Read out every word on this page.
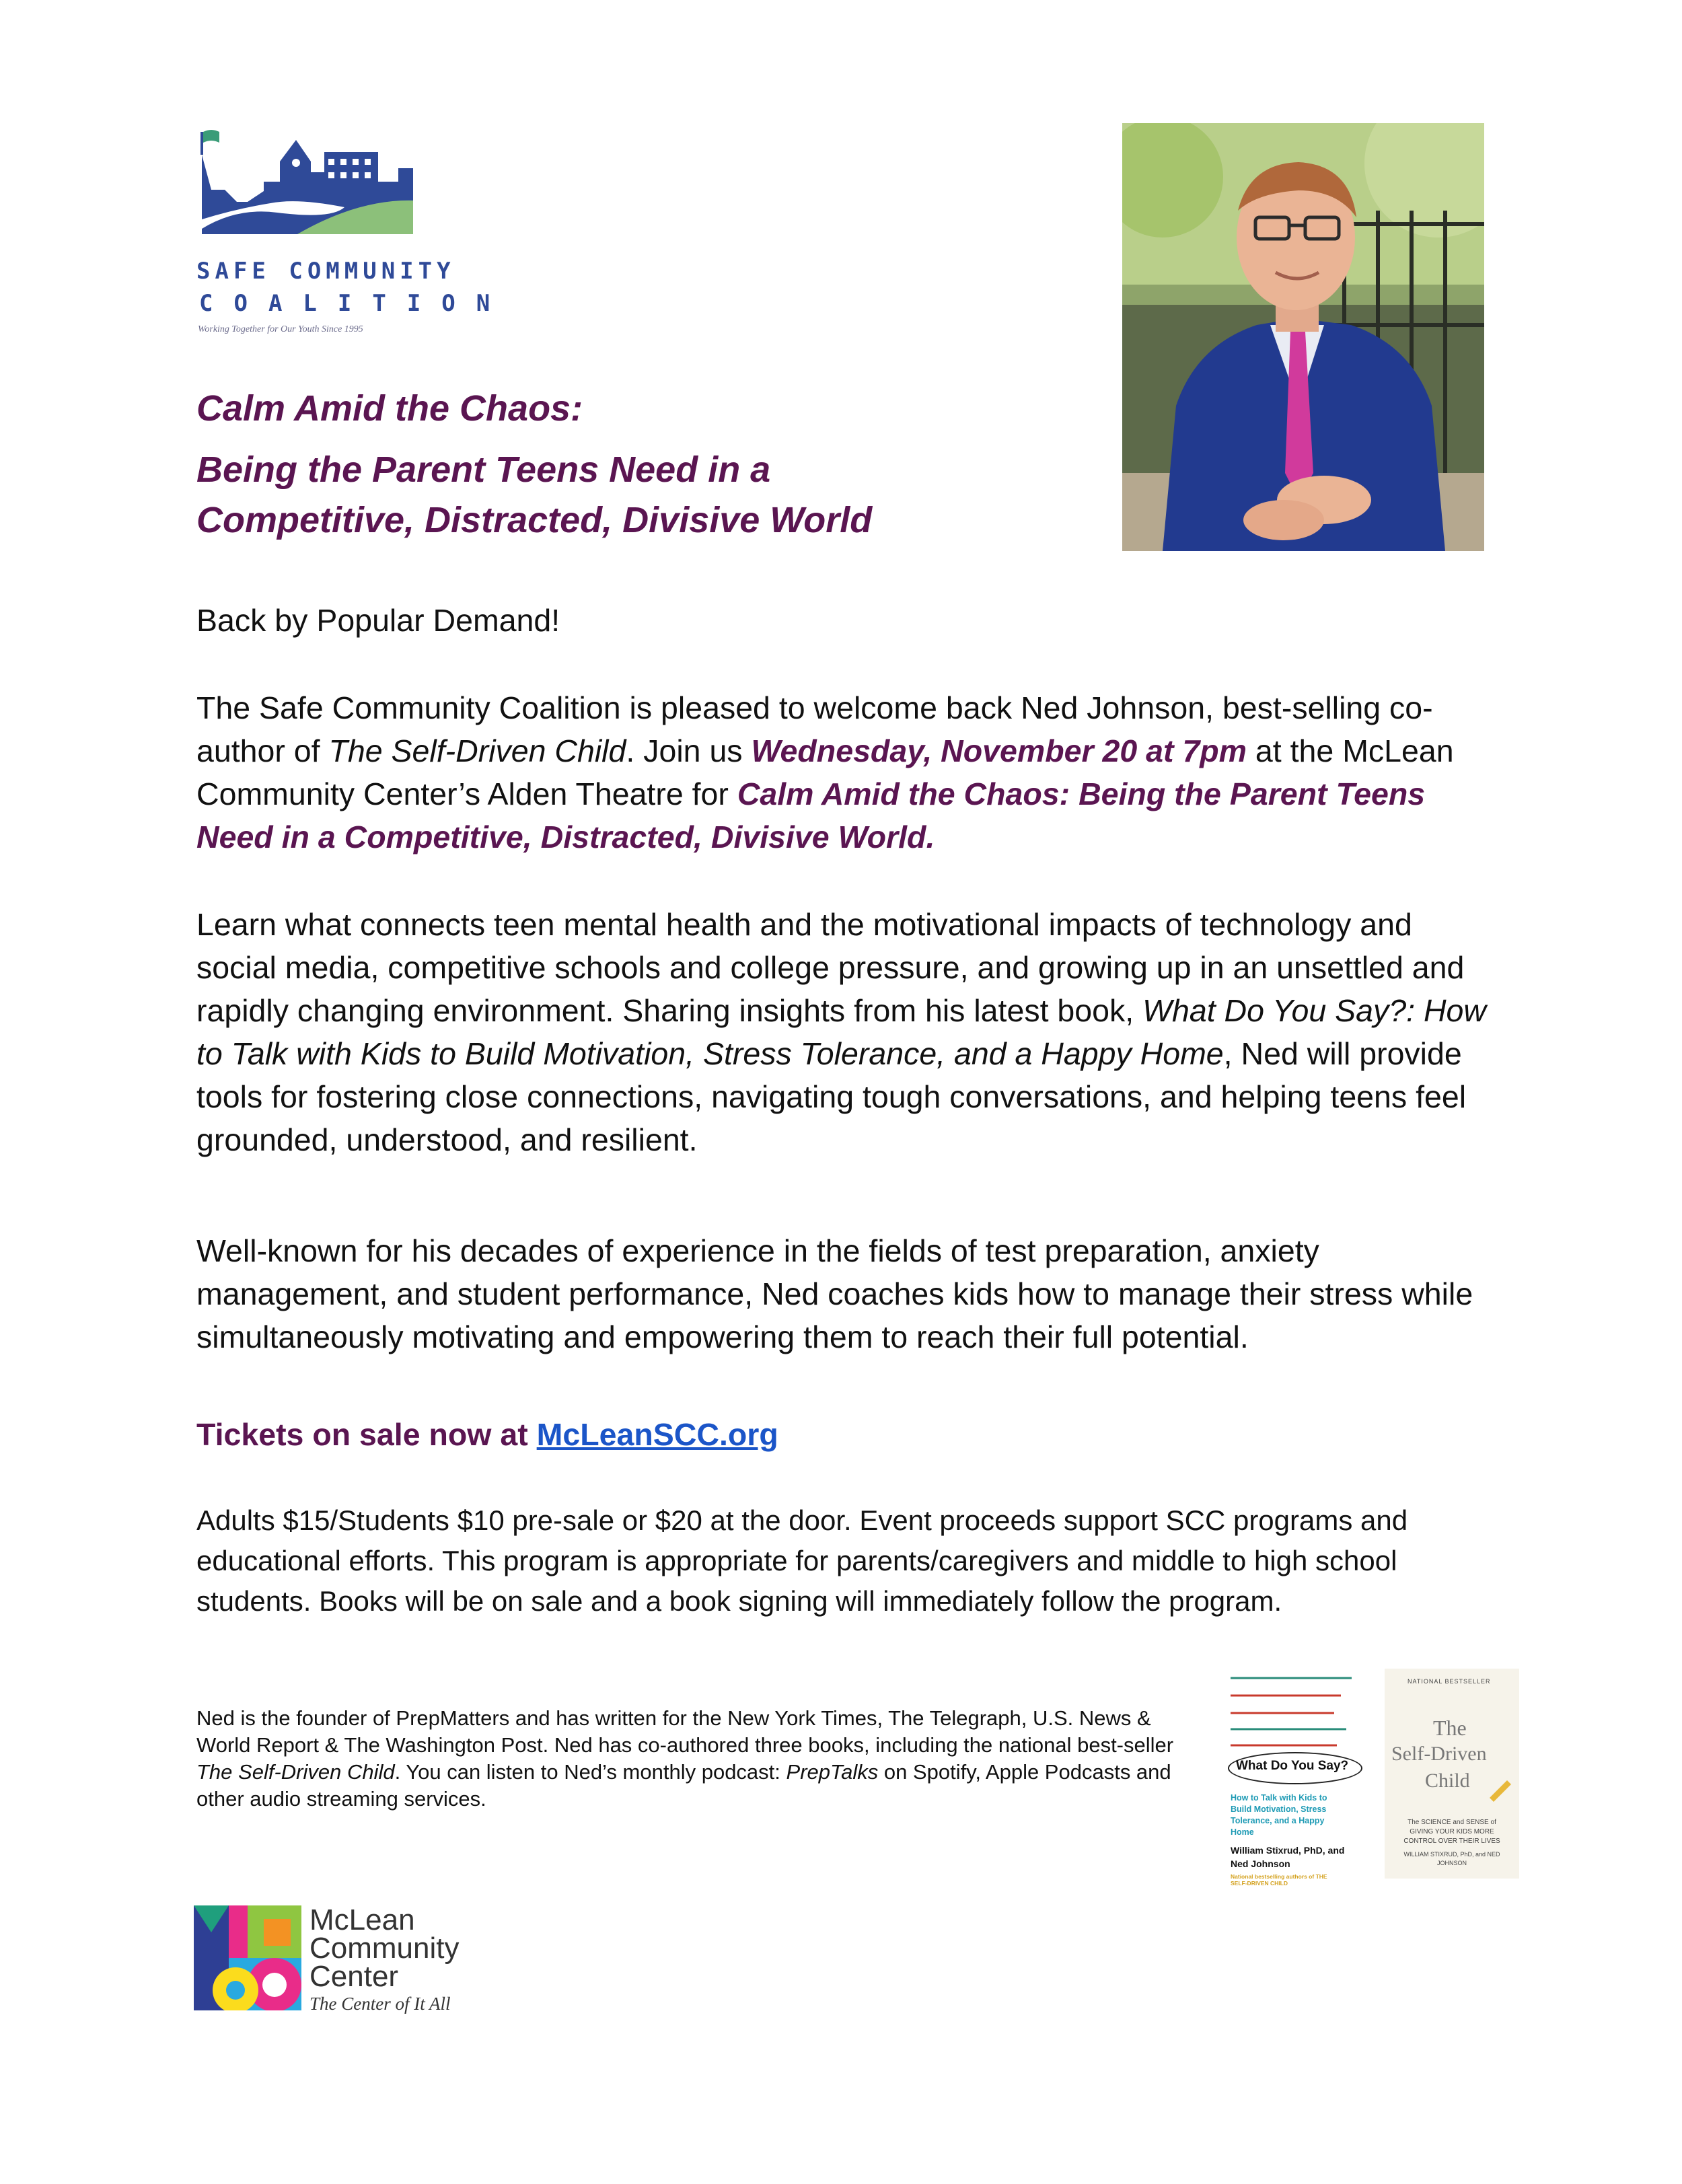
SAFE COMMUNITY
COALITION
Working Together for Our Youth Since 1995
Calm Amid the Chaos:
Being the Parent Teens Need in a
Competitive, Distracted, Divisive World

Back by Popular Demand!

The Safe Community Coalition is pleased to welcome back Ned Johnson, best-selling co-author of The Self-Driven Child. Join us Wednesday, November 20 at 7pm at the McLean Community Center’s Alden Theatre for Calm Amid the Chaos: Being the Parent Teens Need in a Competitive, Distracted, Divisive World.

Learn what connects teen mental health and the motivational impacts of technology and social media, competitive schools and college pressure, and growing up in an unsettled and rapidly changing environment. Sharing insights from his latest book, What Do You Say?: How to Talk with Kids to Build Motivation, Stress Tolerance, and a Happy Home, Ned will provide tools for fostering close connections, navigating tough conversations, and helping teens feel grounded, understood, and resilient.

Well-known for his decades of experience in the fields of test preparation, anxiety management, and student performance, Ned coaches kids how to manage their stress while simultaneously motivating and empowering them to reach their full potential.

Tickets on sale now at McLeanSCC.org

Adults $15/Students $10 pre-sale or $20 at the door. Event proceeds support SCC programs and educational efforts. This program is appropriate for parents/caregivers and middle to high school students. Books will be on sale and a book signing will immediately follow the program.

Ned is the founder of PrepMatters and has written for the New York Times, The Telegraph, U.S. News & World Report & The Washington Post. Ned has co-authored three books, including the national best-seller The Self-Driven Child. You can listen to Ned’s monthly podcast: PrepTalks on Spotify, Apple Podcasts and other audio streaming services.

What Do You Say?
How to Talk with Kids to Build Motivation, Stress Tolerance, and a Happy Home
William Stixrud, PhD, and Ned Johnson
National bestselling authors of THE SELF-DRIVEN CHILD
NATIONAL BESTSELLER
The
Self-Driven
Child
The SCIENCE and SENSE of GIVING YOUR KIDS MORE CONTROL OVER THEIR LIVES
WILLIAM STIXRUD, PhD, and NED JOHNSON
McLean
Community
Center
The Center of It All
